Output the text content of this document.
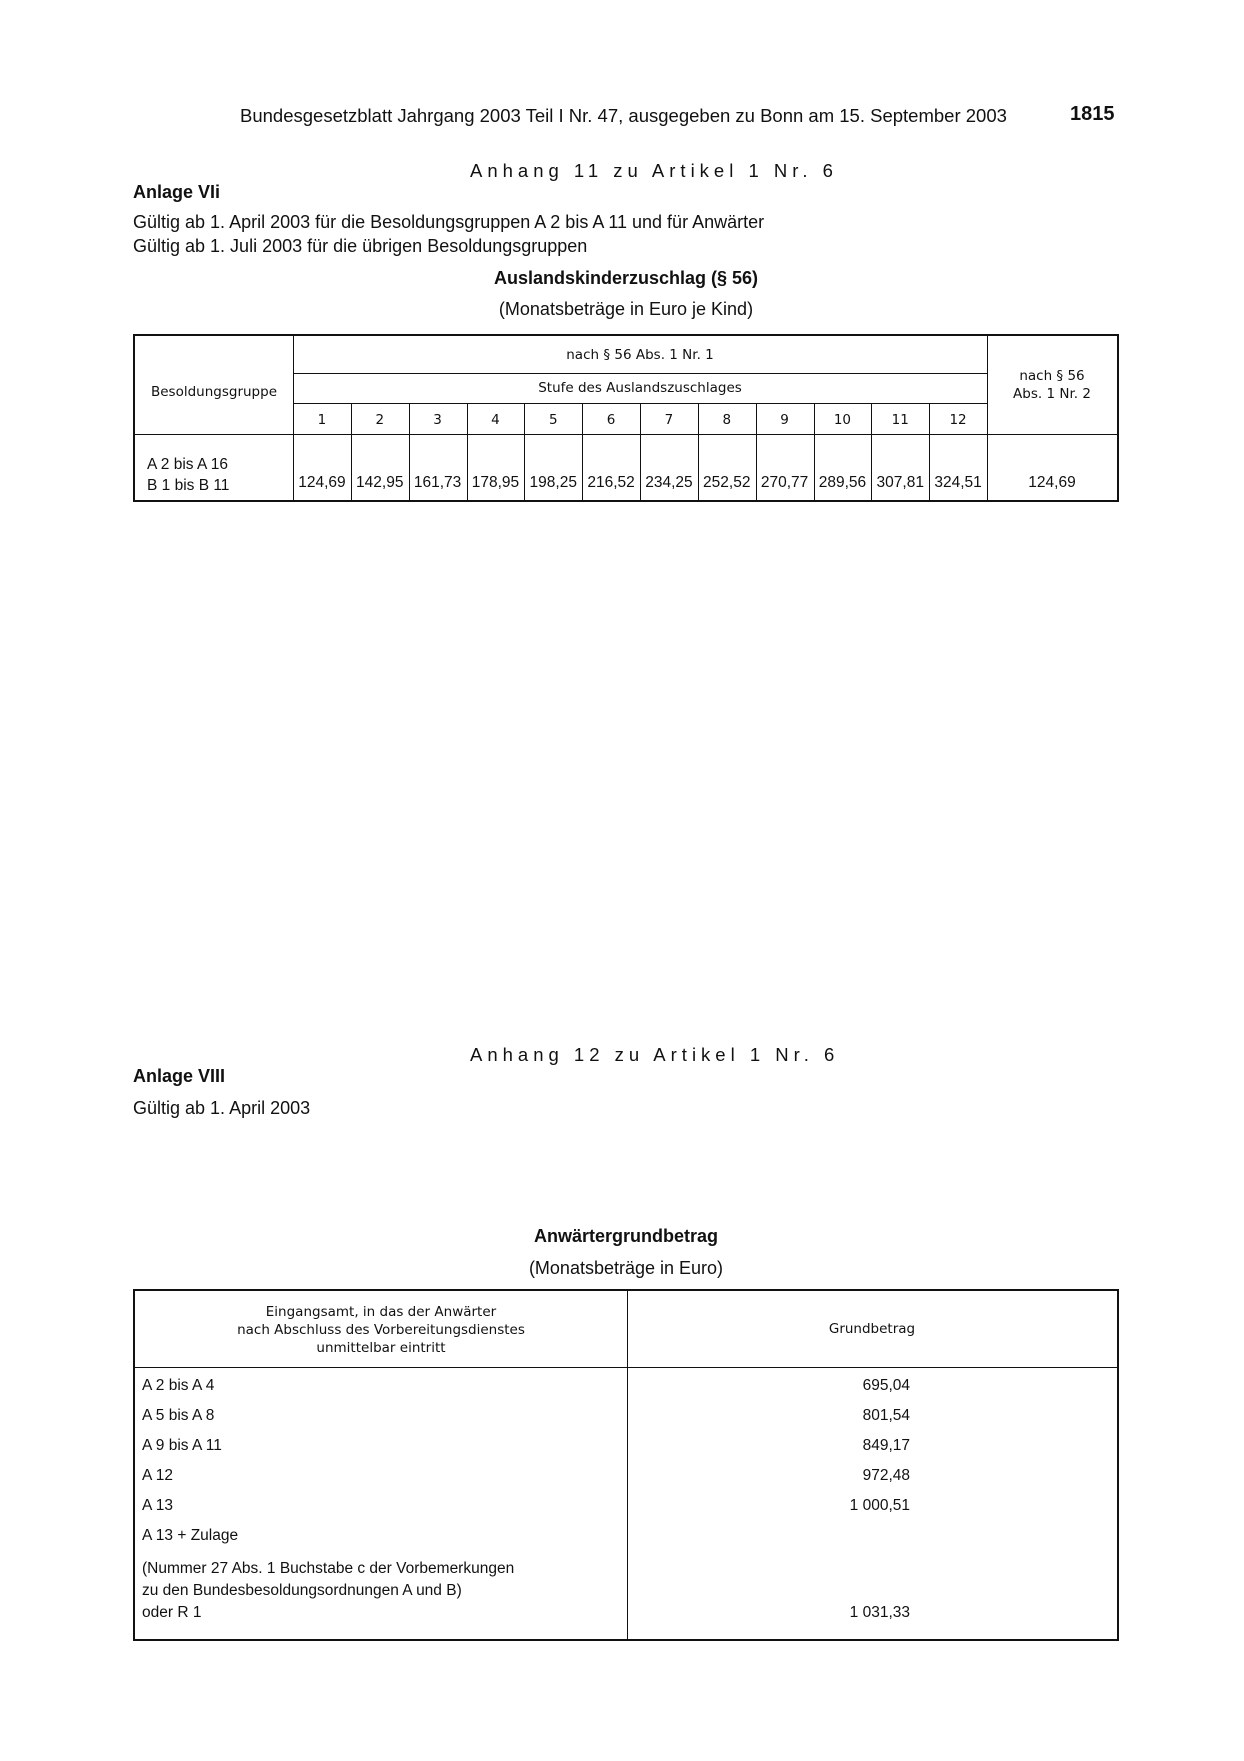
Bundesgesetzblatt Jahrgang 2003 Teil I Nr. 47, ausgegeben zu Bonn am 15. September 2003	1815
Anhang 11 zu Artikel 1 Nr. 6
Anlage VIi
Gültig ab 1. April 2003 für die Besoldungsgruppen A 2 bis A 11 und für Anwärter
Gültig ab 1. Juli 2003 für die übrigen Besoldungsgruppen
Auslandskinderzuschlag (§ 56)
(Monatsbeträge in Euro je Kind)
Besoldungsgruppe
nach § 56 Abs. 1 Nr. 1
Stufe des Auslandszuschlages
nach § 56
Abs. 1 Nr. 2
1	2	3	4	5	6	7	8	9	10	11	12
A 2 bis A 16
B 1 bis B 11	124,69 142,95 161,73 178,95 198,25 216,52 234,25 252,52 270,77 289,56 307,81 324,51	124,69
Anhang 12 zu Artikel 1 Nr. 6
Anlage VIII
Gültig ab 1. April 2003
Anwärtergrundbetrag
(Monatsbeträge in Euro)
Eingangsamt, in das der Anwärter
nach Abschluss des Vorbereitungsdienstes
unmittelbar eintritt
Grundbetrag
A 2 bis A 4	695,04
A 5 bis A 8	801,54
A 9 bis A 11	849,17
A 12	972,48
A 13	1 000,51
A 13 + Zulage
(Nummer 27 Abs. 1 Buchstabe c der Vorbemerkungen
zu den Bundesbesoldungsordnungen A und B)
oder R 1	1 031,33
